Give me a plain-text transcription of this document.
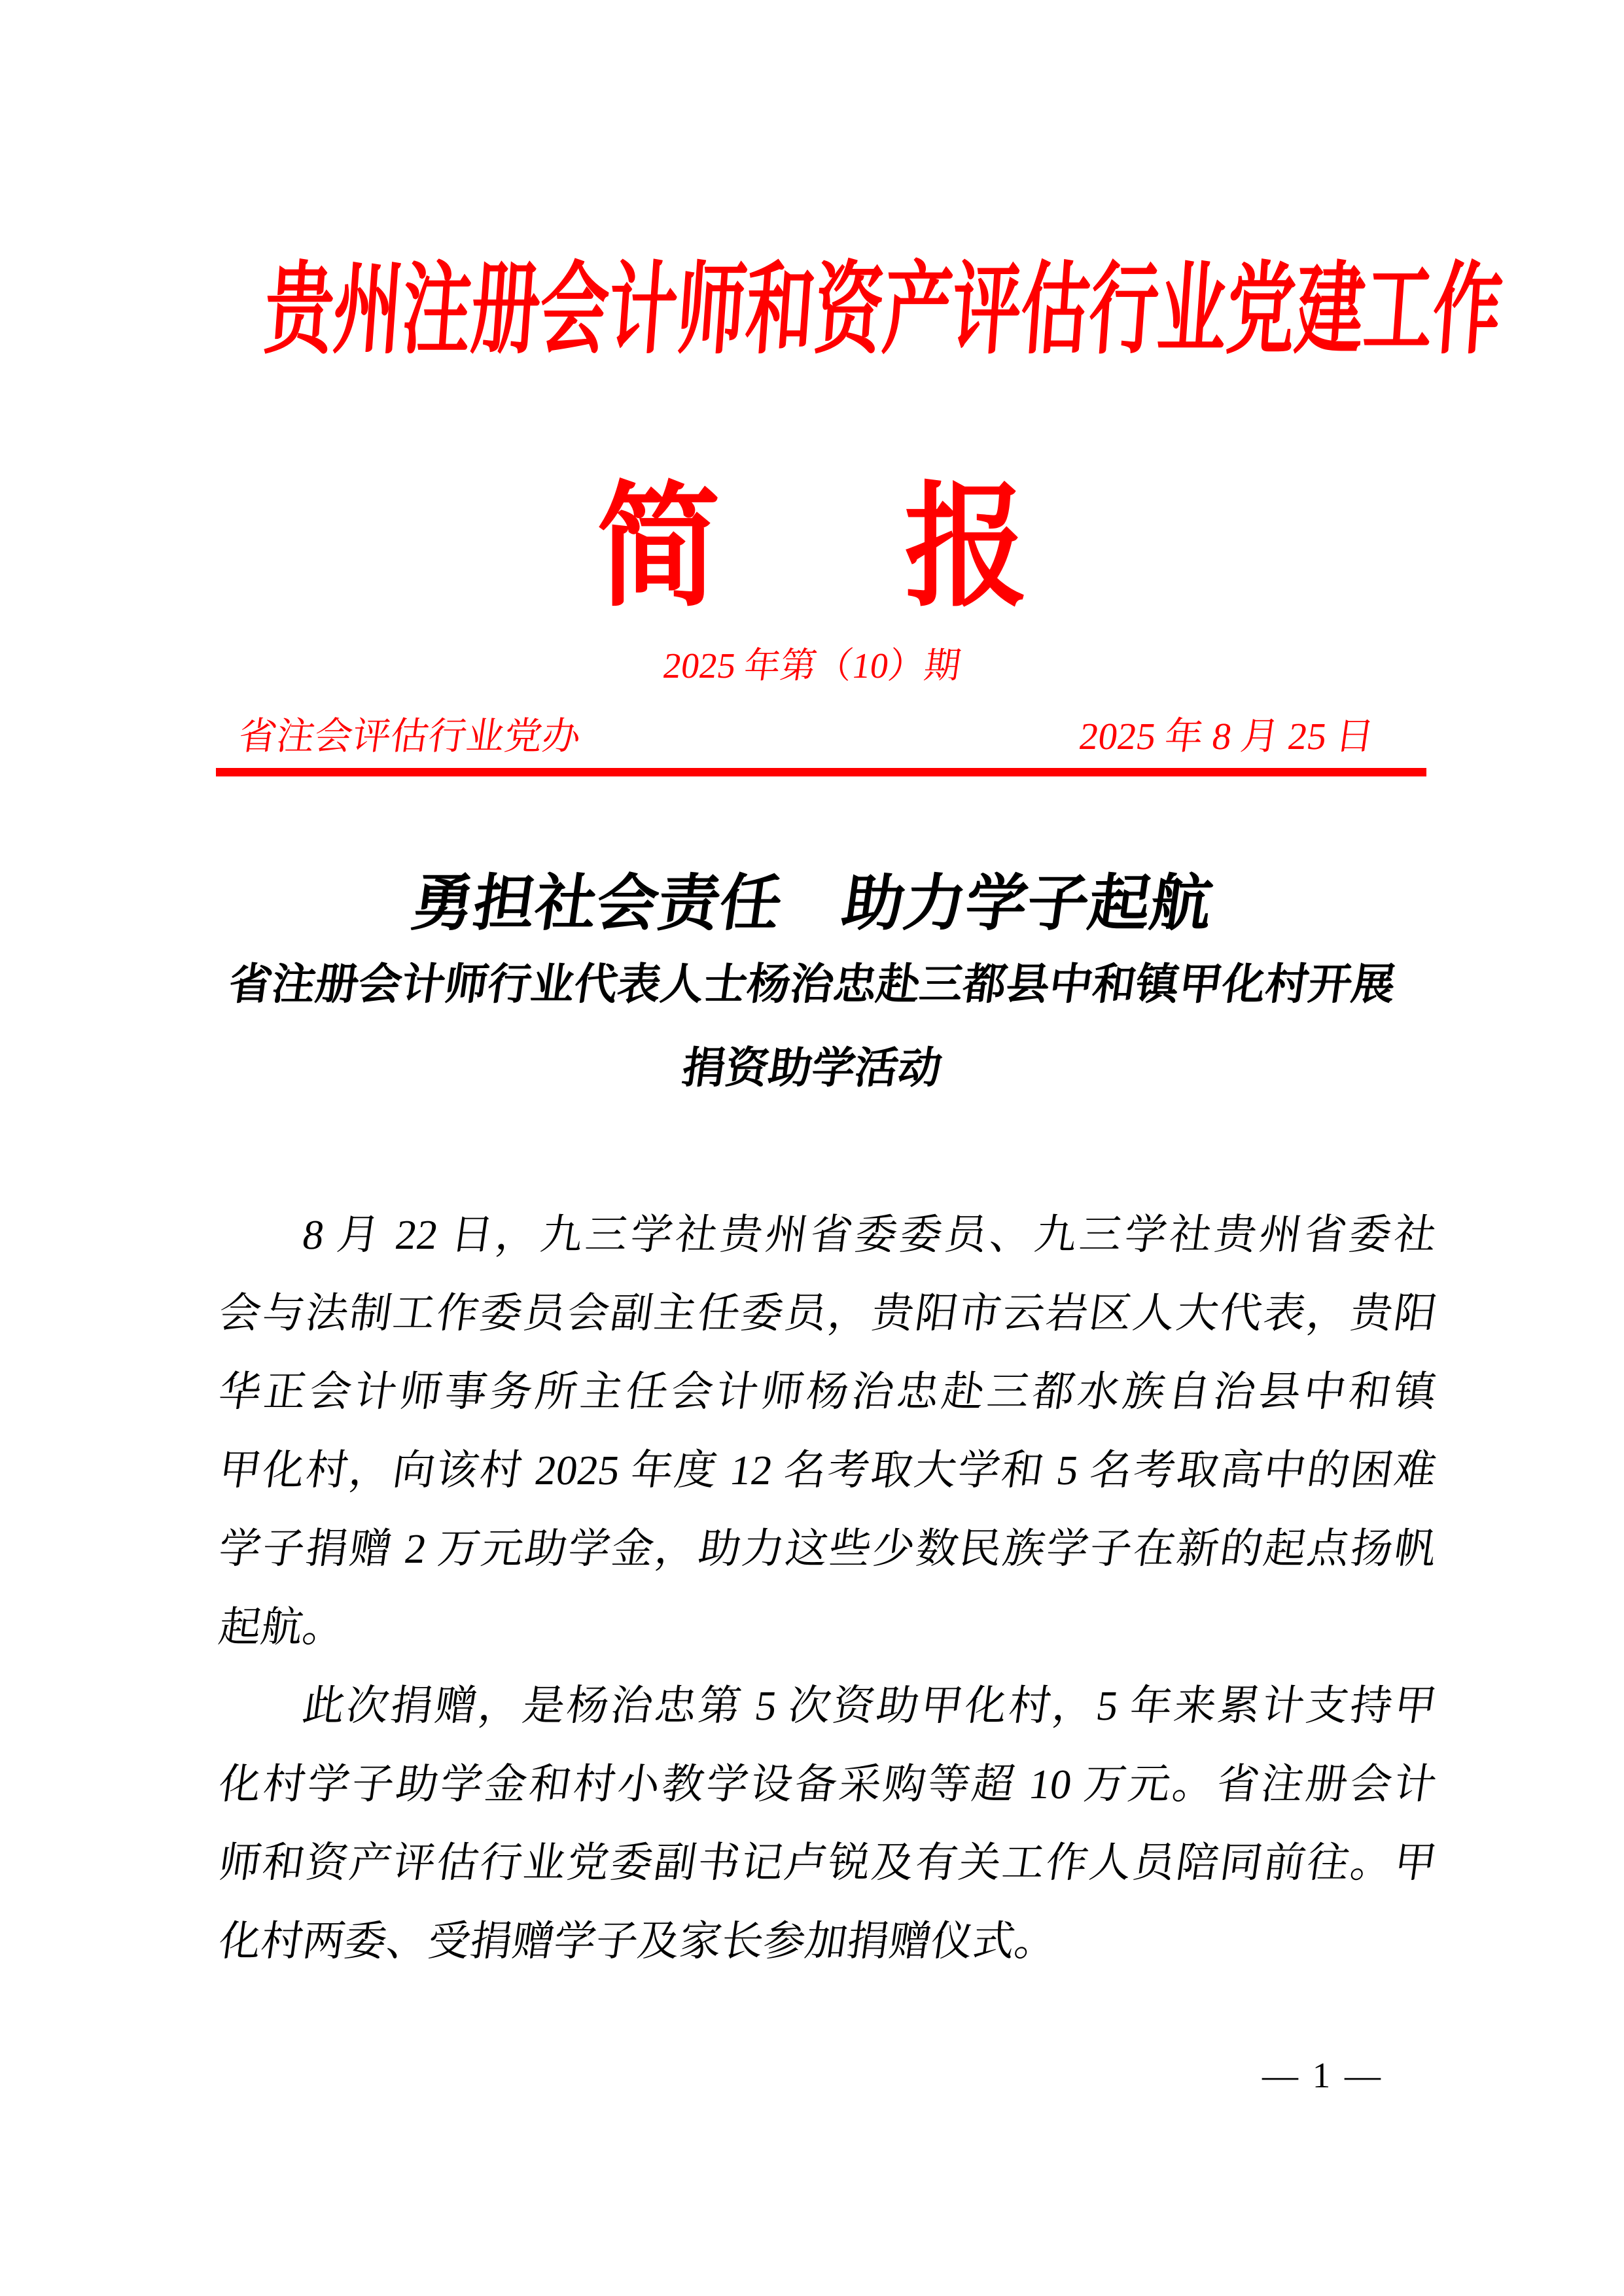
贵州注册会计师和资产评估行业党建工作
简 报
2025 年第（10）期
省注会评估行业党办	2025 年 8 月 25 日
勇担社会责任　助力学子起航
省注册会计师行业代表人士杨治忠赴三都县中和镇甲化村开展
捐资助学活动
8 月 22 日，九三学社贵州省委委员、九三学社贵州省委社
会与法制工作委员会副主任委员，贵阳市云岩区人大代表，贵阳
华正会计师事务所主任会计师杨治忠赴三都水族自治县中和镇
甲化村，向该村 2025 年度 12 名考取大学和 5 名考取高中的困难
学子捐赠 2 万元助学金，助力这些少数民族学子在新的起点扬帆
起航。
此次捐赠，是杨治忠第 5 次资助甲化村，5 年来累计支持甲
化村学子助学金和村小教学设备采购等超 10 万元。省注册会计
师和资产评估行业党委副书记卢锐及有关工作人员陪同前往。甲
化村两委、受捐赠学子及家长参加捐赠仪式。
— 1 —
